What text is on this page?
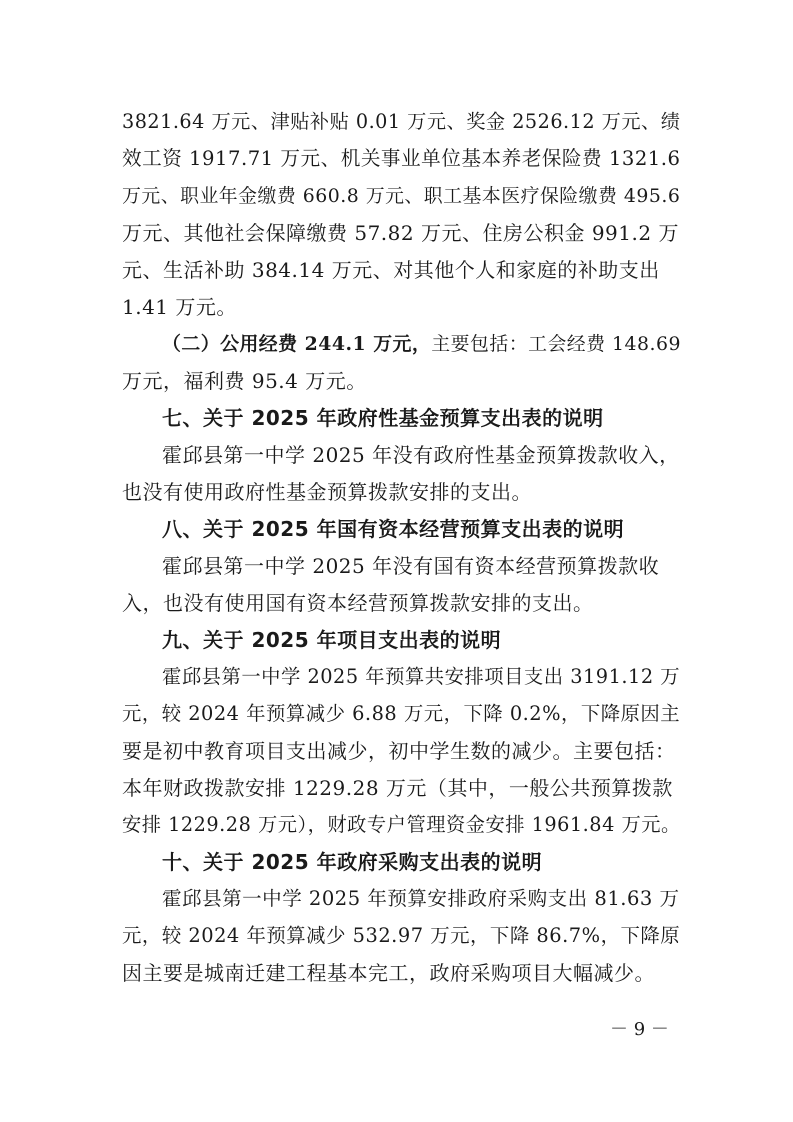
3821.64 万元、津贴补贴 0.01 万元、奖金 2526.12 万元、绩
效工资 1917.71 万元、机关事业单位基本养老保险费 1321.6
万元、职业年金缴费 660.8 万元、职工基本医疗保险缴费 495.6
万元、其他社会保障缴费 57.82 万元、住房公积金 991.2 万
元、生活补助 384.14 万元、对其他个人和家庭的补助支出
1.41 万元。
（二）公用经费 244.1 万元，主要包括：工会经费 148.69
万元，福利费 95.4 万元。
七、关于 2025 年政府性基金预算支出表的说明
霍邱县第一中学 2025 年没有政府性基金预算拨款收入，
也没有使用政府性基金预算拨款安排的支出。
八、关于 2025 年国有资本经营预算支出表的说明
霍邱县第一中学 2025 年没有国有资本经营预算拨款收
入，也没有使用国有资本经营预算拨款安排的支出。
九、关于 2025 年项目支出表的说明
霍邱县第一中学 2025 年预算共安排项目支出 3191.12 万
元，较 2024 年预算减少 6.88 万元，下降 0.2%，下降原因主
要是初中教育项目支出减少，初中学生数的减少。主要包括：
本年财政拨款安排 1229.28 万元（其中，一般公共预算拨款
安排 1229.28 万元），财政专户管理资金安排 1961.84 万元。
十、关于 2025 年政府采购支出表的说明
霍邱县第一中学 2025 年预算安排政府采购支出 81.63 万
元，较 2024 年预算减少 532.97 万元，下降 86.7%，下降原
因主要是城南迁建工程基本完工，政府采购项目大幅减少。
－ 9 －
